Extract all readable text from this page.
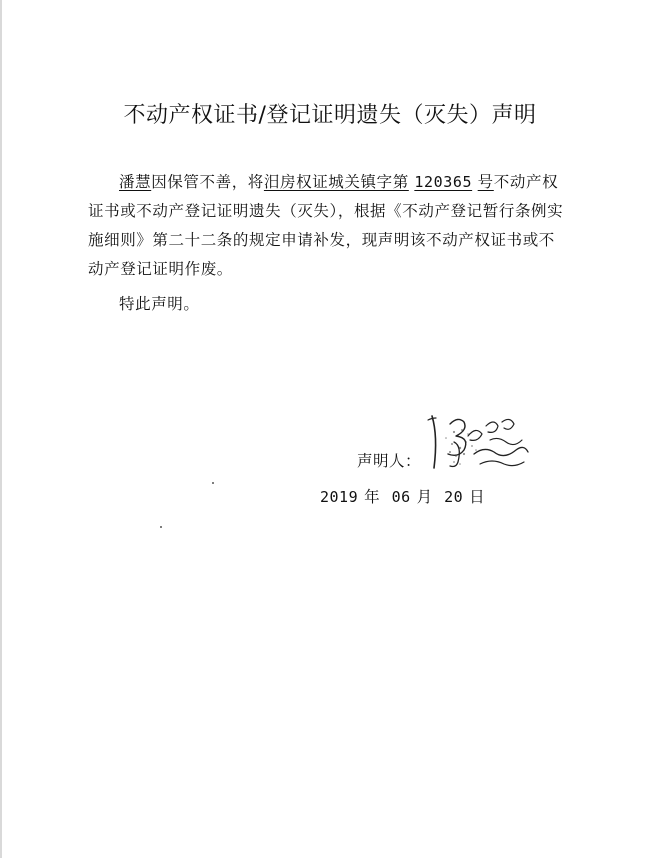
不动产权证书/登记证明遗失（灭失）声明

潘慧因保管不善，将汨房权证城关镇字第 120365 号不动产权证书或不动产登记证明遗失（灭失），根据《不动产登记暂行条例实施细则》第二十二条的规定申请补发，现声明该不动产权证书或不动产登记证明作废。

特此声明。

声明人：
2019 年 06 月 20 日
